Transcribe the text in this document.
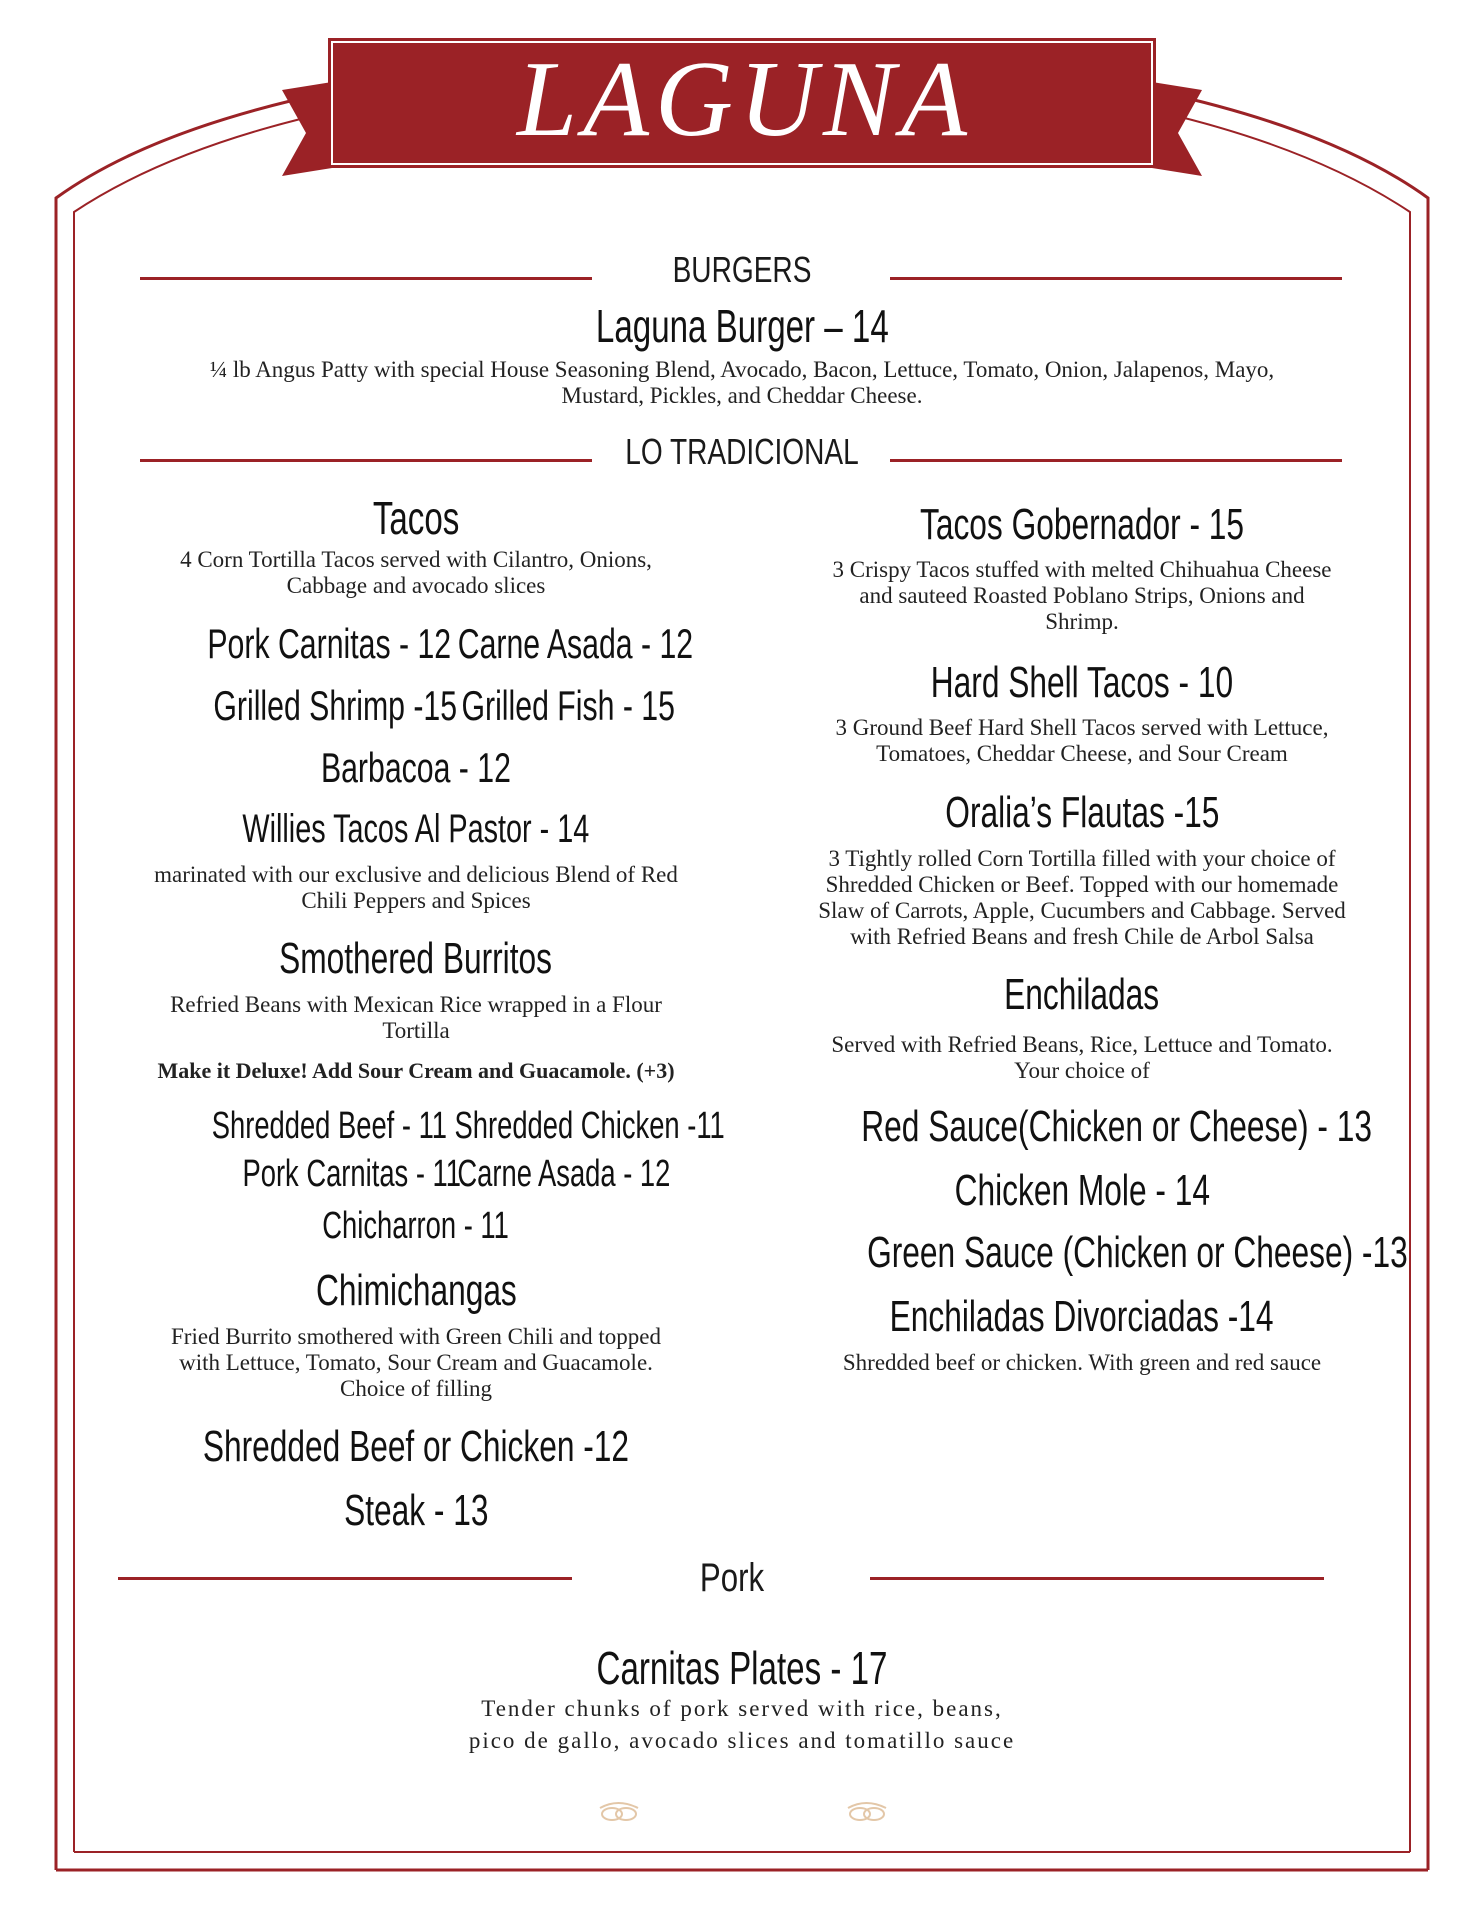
LAGUNA
BURGERS
Laguna Burger – 14
¼ lb Angus Patty with special House Seasoning Blend, Avocado, Bacon, Lettuce, Tomato, Onion, Jalapenos, Mayo,
Mustard, Pickles, and Cheddar Cheese.
LO TRADICIONAL
Tacos
4 Corn Tortilla Tacos served with Cilantro, Onions,
Cabbage and avocado slices
Pork Carnitas - 12 Carne Asada - 12
Grilled Shrimp -15 Grilled Fish - 15
Barbacoa - 12
Willies Tacos Al Pastor - 14
marinated with our exclusive and delicious Blend of Red
Chili Peppers and Spices
Smothered Burritos
Refried Beans with Mexican Rice wrapped in a Flour
Tortilla
Make it Deluxe! Add Sour Cream and Guacamole. (+3)
Shredded Beef - 11 Shredded Chicken -11
Pork Carnitas - 11
Carne Asada - 12
Chicharron - 11
Chimichangas
Fried Burrito smothered with Green Chili and topped
with Lettuce, Tomato, Sour Cream and Guacamole.
Choice of filling
Shredded Beef or Chicken -12
Steak - 13
Tacos Gobernador - 15
3 Crispy Tacos stuffed with melted Chihuahua Cheese
and sauteed Roasted Poblano Strips, Onions and
Shrimp.
Hard Shell Tacos - 10
3 Ground Beef Hard Shell Tacos served with Lettuce,
Tomatoes, Cheddar Cheese, and Sour Cream
Oralia’s Flautas -15
3 Tightly rolled Corn Tortilla filled with your choice of
Shredded Chicken or Beef. Topped with our homemade
Slaw of Carrots, Apple, Cucumbers and Cabbage. Served
with Refried Beans and fresh Chile de Arbol Salsa
Enchiladas
Served with Refried Beans, Rice, Lettuce and Tomato.
Your choice of
Red Sauce(Chicken or Cheese) - 13
Chicken Mole - 14
Green Sauce (Chicken or Cheese) -13
Enchiladas Divorciadas -14
Shredded beef or chicken. With green and red sauce
Pork
Carnitas Plates - 17
Tender chunks of pork served with rice, beans,
pico de gallo, avocado slices and tomatillo sauce
